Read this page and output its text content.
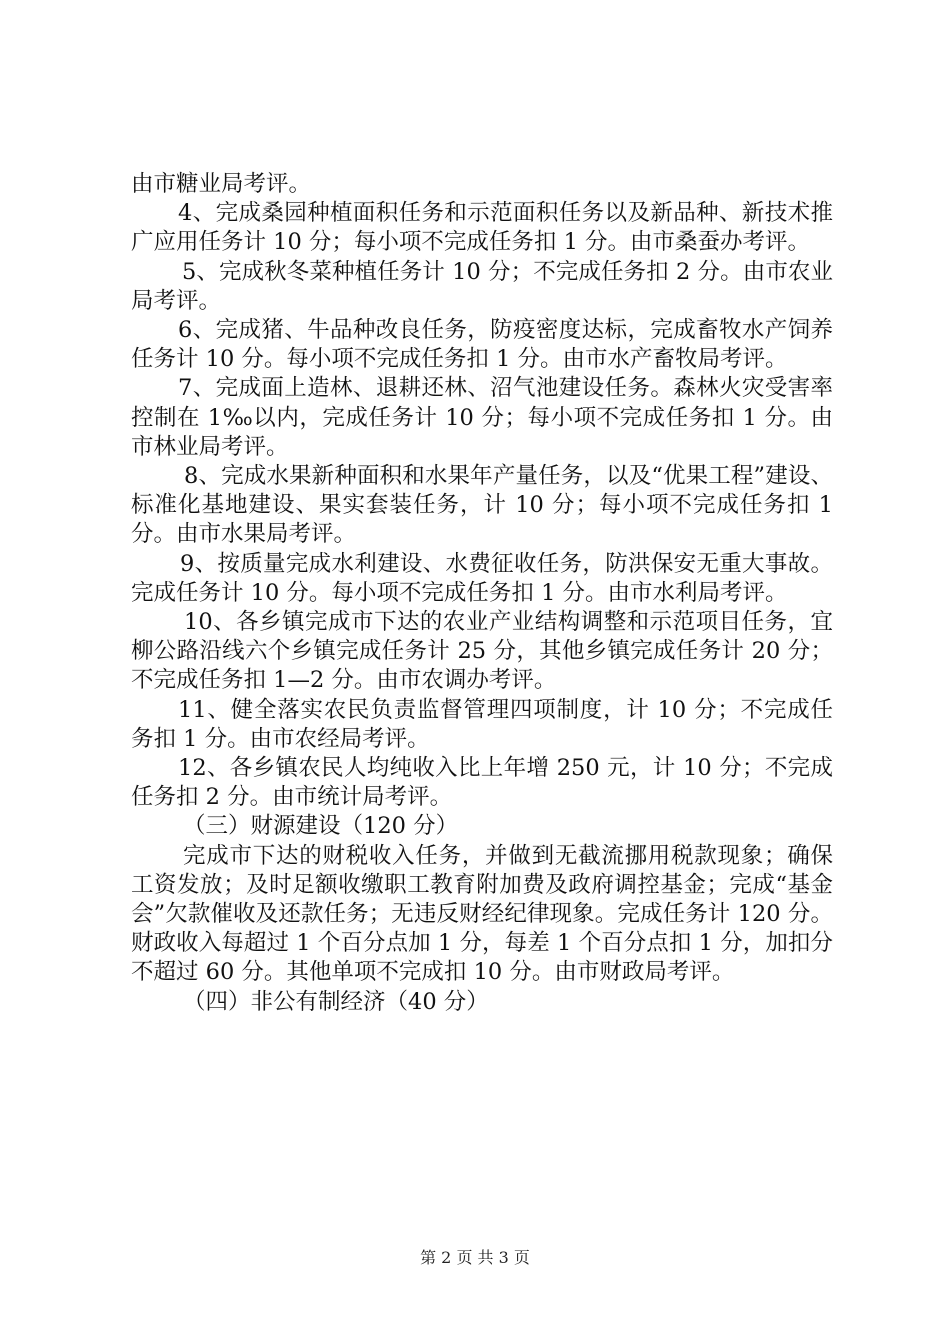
由市糖业局考评。

4、完成桑园种植面积任务和示范面积任务以及新品种、新技术推广应用任务计 10 分；每小项不完成任务扣 1 分。由市桑蚕办考评。

5、完成秋冬菜种植任务计 10 分；不完成任务扣 2 分。由市农业局考评。

6、完成猪、牛品种改良任务，防疫密度达标，完成畜牧水产饲养任务计 10 分。每小项不完成任务扣 1 分。由市水产畜牧局考评。

7、完成面上造林、退耕还林、沼气池建设任务。森林火灾受害率控制在 1‰以内，完成任务计 10 分；每小项不完成任务扣 1 分。由市林业局考评。

8、完成水果新种面积和水果年产量任务，以及“优果工程”建设、标准化基地建设、果实套装任务，计 10 分；每小项不完成任务扣 1 分。由市水果局考评。

9、按质量完成水利建设、水费征收任务，防洪保安无重大事故。完成任务计 10 分。每小项不完成任务扣 1 分。由市水利局考评。

10、各乡镇完成市下达的农业产业结构调整和示范项目任务，宜柳公路沿线六个乡镇完成任务计 25 分，其他乡镇完成任务计 20 分；不完成任务扣 1—2 分。由市农调办考评。

11、健全落实农民负责监督管理四项制度，计 10 分；不完成任务扣 1 分。由市农经局考评。

12、各乡镇农民人均纯收入比上年增 250 元，计 10 分；不完成任务扣 2 分。由市统计局考评。

（三）财源建设（120 分）

完成市下达的财税收入任务，并做到无截流挪用税款现象；确保工资发放；及时足额收缴职工教育附加费及政府调控基金；完成“基金会”欠款催收及还款任务；无违反财经纪律现象。完成任务计 120 分。财政收入每超过 1 个百分点加 1 分，每差 1 个百分点扣 1 分，加扣分不超过 60 分。其他单项不完成扣 10 分。由市财政局考评。

（四）非公有制经济（40 分）

第 2 页 共 3 页
